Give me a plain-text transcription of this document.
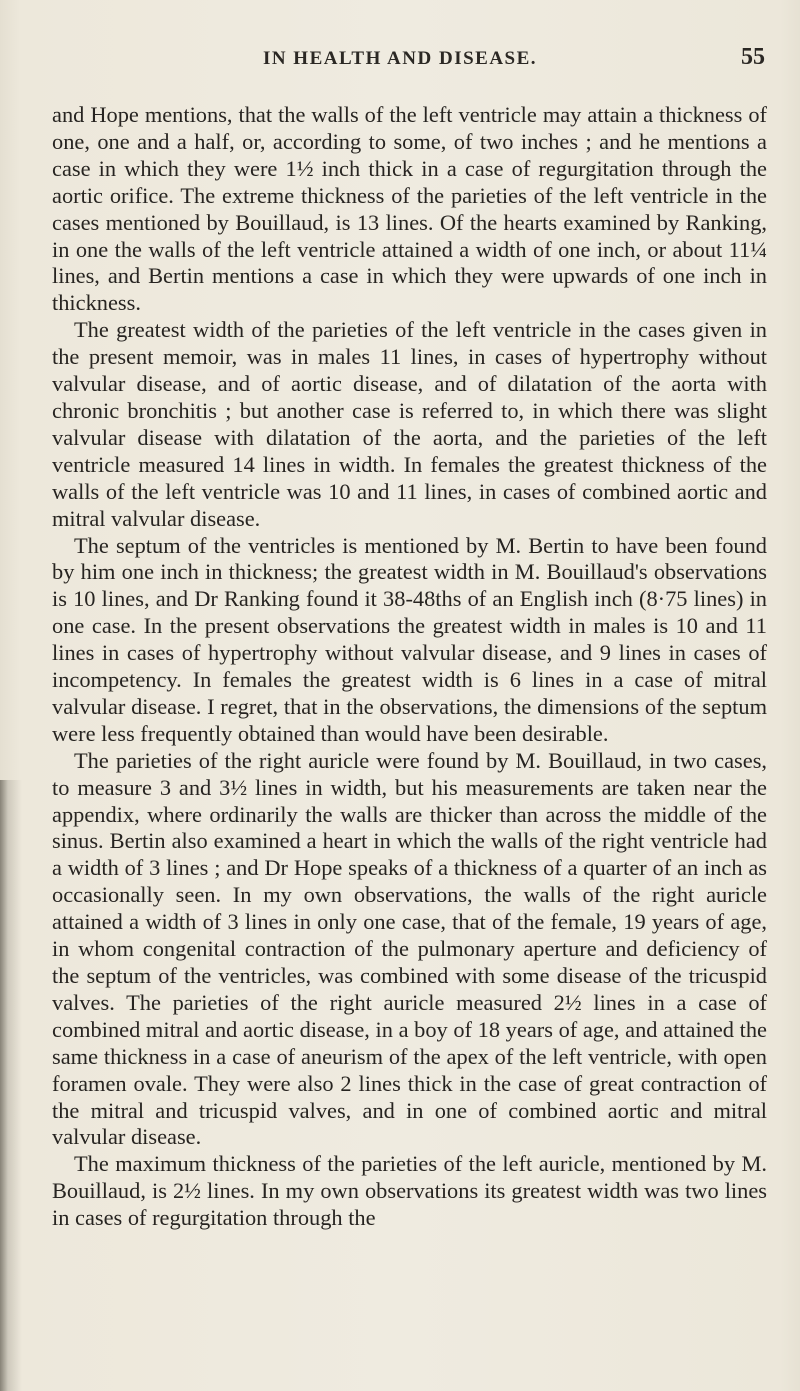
IN HEALTH AND DISEASE.	55

and Hope mentions, that the walls of the left ventricle may attain a thickness of one, one and a half, or, according to some, of two inches ; and he mentions a case in which they were 1½ inch thick in a case of regurgitation through the aortic orifice. The extreme thickness of the parieties of the left ventricle in the cases mentioned by Bouillaud, is 13 lines. Of the hearts examined by Ranking, in one the walls of the left ventricle attained a width of one inch, or about 11¼ lines, and Bertin mentions a case in which they were upwards of one inch in thickness.

The greatest width of the parieties of the left ventricle in the cases given in the present memoir, was in males 11 lines, in cases of hypertrophy without valvular disease, and of aortic disease, and of dilatation of the aorta with chronic bronchitis ; but another case is referred to, in which there was slight valvular disease with dilatation of the aorta, and the parieties of the left ventricle measured 14 lines in width. In females the greatest thickness of the walls of the left ventricle was 10 and 11 lines, in cases of combined aortic and mitral valvular disease.

The septum of the ventricles is mentioned by M. Bertin to have been found by him one inch in thickness; the greatest width in M. Bouillaud's observations is 10 lines, and Dr Ranking found it 38-48ths of an English inch (8·75 lines) in one case. In the present observations the greatest width in males is 10 and 11 lines in cases of hypertrophy without valvular disease, and 9 lines in cases of incompetency. In females the greatest width is 6 lines in a case of mitral valvular disease. I regret, that in the observations, the dimensions of the septum were less frequently obtained than would have been desirable.

The parieties of the right auricle were found by M. Bouillaud, in two cases, to measure 3 and 3½ lines in width, but his measurements are taken near the appendix, where ordinarily the walls are thicker than across the middle of the sinus. Bertin also examined a heart in which the walls of the right ventricle had a width of 3 lines ; and Dr Hope speaks of a thickness of a quarter of an inch as occasionally seen. In my own observations, the walls of the right auricle attained a width of 3 lines in only one case, that of the female, 19 years of age, in whom congenital contraction of the pulmonary aperture and deficiency of the septum of the ventricles, was combined with some disease of the tricuspid valves. The parieties of the right auricle measured 2½ lines in a case of combined mitral and aortic disease, in a boy of 18 years of age, and attained the same thickness in a case of aneurism of the apex of the left ventricle, with open foramen ovale. They were also 2 lines thick in the case of great contraction of the mitral and tricuspid valves, and in one of combined aortic and mitral valvular disease.

The maximum thickness of the parieties of the left auricle, mentioned by M. Bouillaud, is 2½ lines. In my own observations its greatest width was two lines in cases of regurgitation through the
